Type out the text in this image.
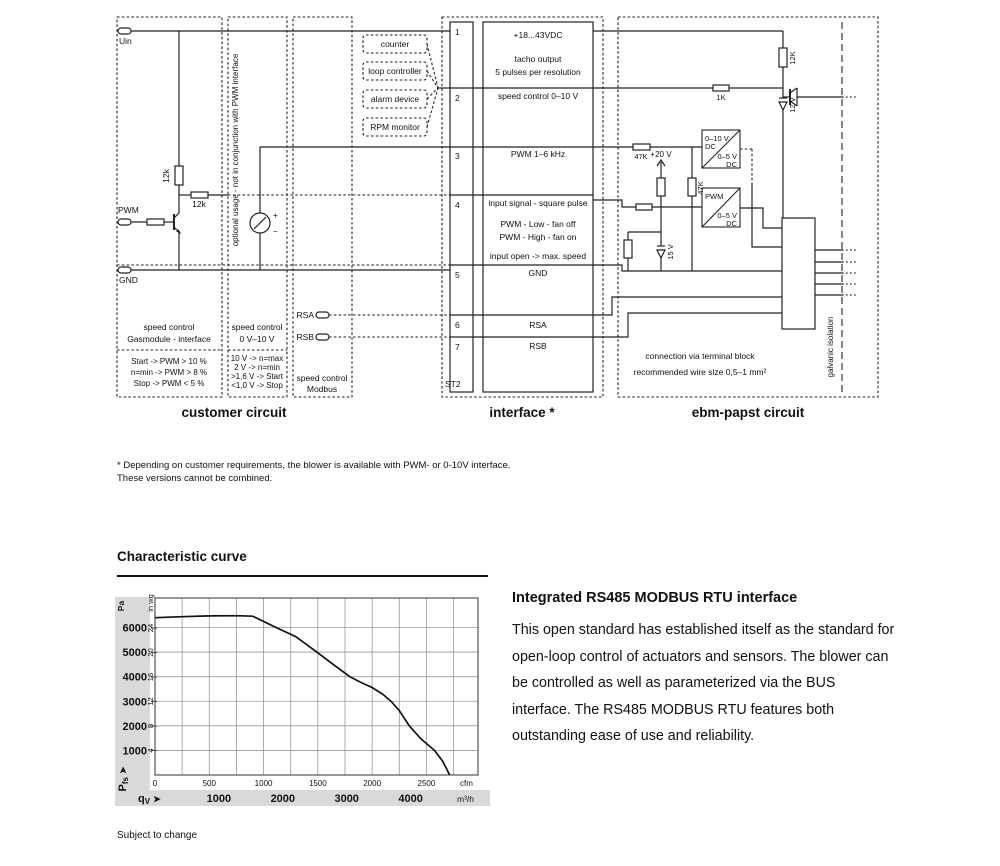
Uin
PWM
GND
12k
12k
+
−
optional usage - not in conjunction with PWM interface
counter
loop controller
alarm device
RPM monitor
speed control
Gasmodule - interface
Start -> PWM > 10 %
n=min -> PWM > 8 %
Stop -> PWM < 5 %
speed control
0 V–10 V
10 V -> n=max
2 V -> n=min
>1,6 V -> Start
<1,0 V -> Stop
speed control
Modbus
RSA
RSB
1
2
3
4
5
6
7
ST2
+18...43VDC
tacho output
5 pulses per resolution
speed control 0–10 V
PWM 1–6 kHz
input signal - square pulse
PWM - Low - fan off
PWM - High - fan on
input open -> max. speed
GND
RSA
RSB
12K
1K	12 V
47K
47K
+20 V
15 V
0–10 V
DC
0–5 V
DC
PWM
0–5 V
DC
connection via terminal block
recommended wire size 0,5–1 mm²	galvanic isolation
customer circuit	interface *	ebm-papst circuit
* Depending on customer requirements, the blower is available with PWM- or 0-10V interface.
These versions cannot be combined.
Characteristic curve
1000
2000
3000
4000
5000
6000
4
8
12
16
20
24
0	500	1000	1500	2000	2500
1000	2000	3000	4000
Pa	in wg
Pfs➤
qV ➤
cfm
m³/h
Integrated RS485 MODBUS RTU interface

This open standard has established itself as the standard for open-loop control of actuators and sensors. The blower can be controlled as well as parameterized via the BUS interface. The RS485 MODBUS RTU features both outstanding ease of use and reliability.

Subject to change
